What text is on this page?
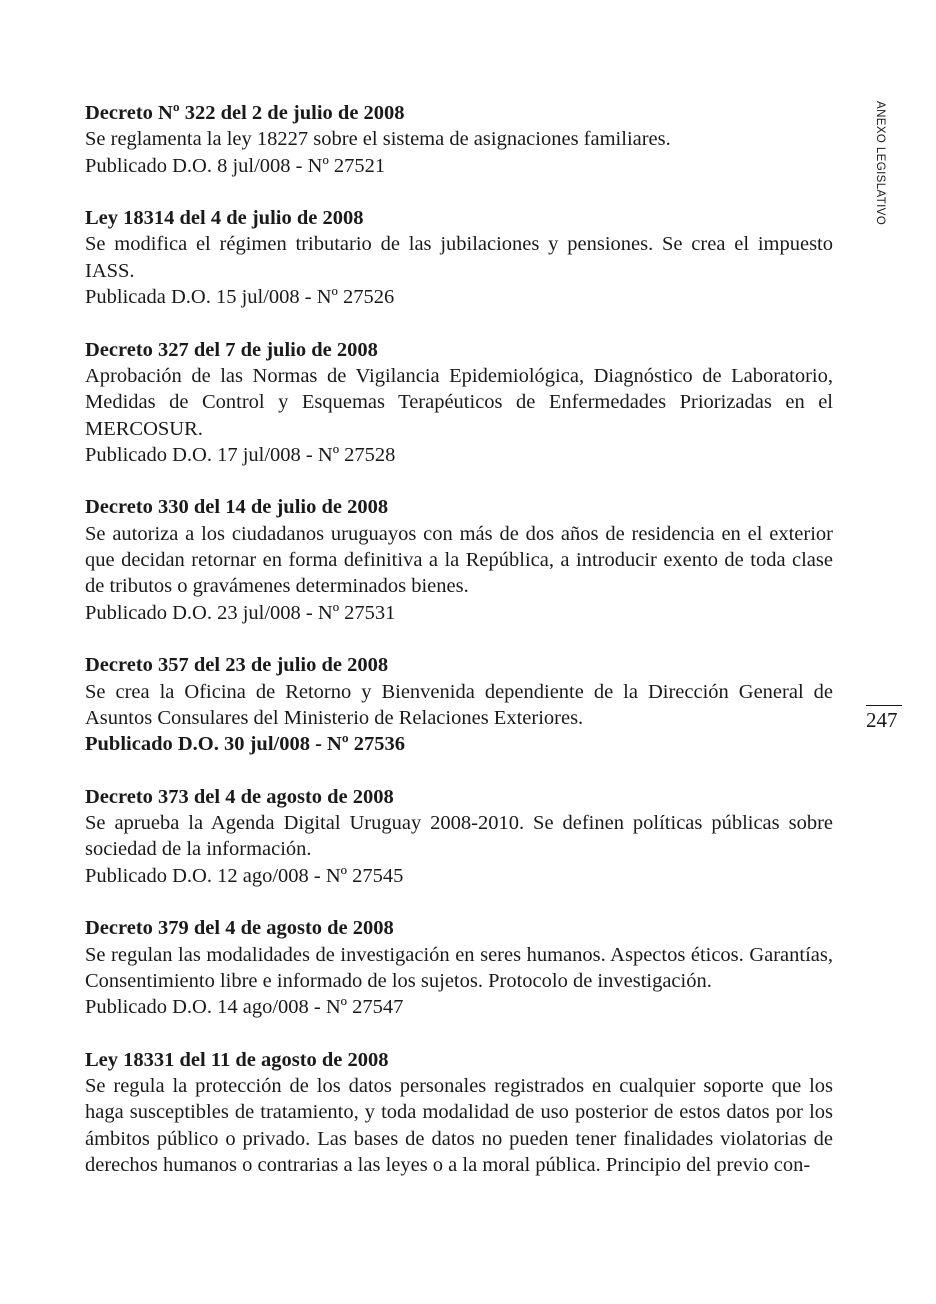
Decreto Nº 322 del 2 de julio de 2008
Se reglamenta la ley 18227 sobre el sistema de asignaciones familiares.
Publicado D.O. 8 jul/008 - Nº 27521
Ley 18314 del 4 de julio de 2008
Se modifica el régimen tributario de las jubilaciones y pensiones. Se crea el impuesto IASS.
Publicada D.O. 15 jul/008 - Nº 27526
Decreto 327 del 7 de julio de 2008
Aprobación de las Normas de Vigilancia Epidemiológica, Diagnóstico de Laboratorio, Medidas de Control y Esquemas Terapéuticos de Enfermedades Priorizadas en el MERCOSUR.
Publicado D.O. 17 jul/008 - Nº 27528
Decreto 330 del 14 de julio de 2008
Se autoriza a los ciudadanos uruguayos con más de dos años de residencia en el exterior que decidan retornar en forma definitiva a la República, a introducir exento de toda clase de tributos o gravámenes determinados bienes.
Publicado D.O. 23 jul/008 - Nº 27531
Decreto 357 del 23 de julio de 2008
Se crea la Oficina de Retorno y Bienvenida dependiente de la Dirección General de Asuntos Consulares del Ministerio de Relaciones Exteriores.
Publicado D.O. 30 jul/008 - Nº 27536
Decreto 373 del 4 de agosto de 2008
Se aprueba la Agenda Digital Uruguay 2008-2010. Se definen políticas públicas sobre sociedad de la información.
Publicado D.O. 12 ago/008 - Nº 27545
Decreto 379 del 4 de agosto de 2008
Se regulan las modalidades de investigación en seres humanos. Aspectos éticos. Garantías, Consentimiento libre e informado de los sujetos. Protocolo de investigación.
Publicado D.O. 14 ago/008 - Nº 27547
Ley 18331 del 11 de agosto de 2008
Se regula la protección de los datos personales registrados en cualquier soporte que los haga susceptibles de tratamiento, y toda modalidad de uso posterior de estos datos por los ámbitos público o privado. Las bases de datos no pueden tener finalidades violatorias de derechos humanos o contrarias a las leyes o a la moral pública. Principio del previo con-
ANEXO LEGISLATIVO
247
